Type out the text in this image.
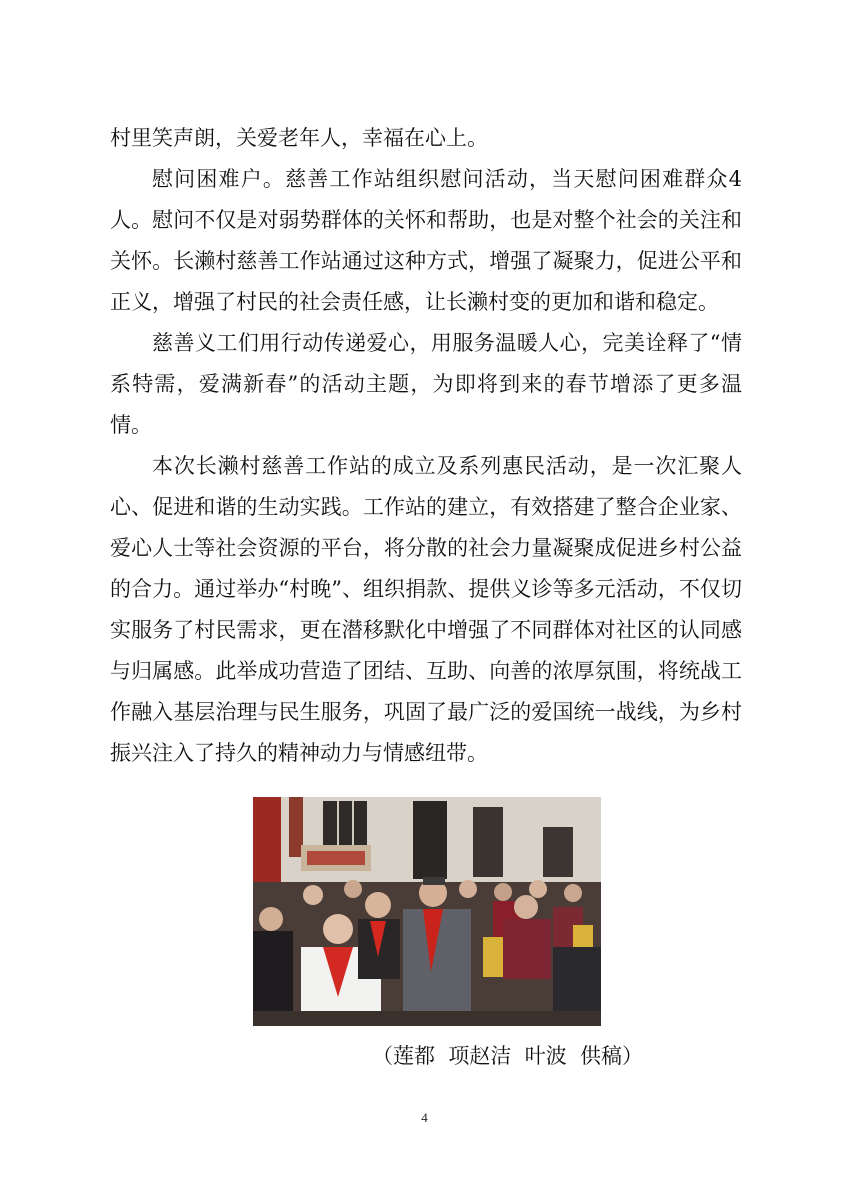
村里笑声朗，关爱老年人，幸福在心上。

慰问困难户。慈善工作站组织慰问活动，当天慰问困难群众4人。慰问不仅是对弱势群体的关怀和帮助，也是对整个社会的关注和关怀。长濑村慈善工作站通过这种方式，增强了凝聚力，促进公平和正义，增强了村民的社会责任感，让长濑村变的更加和谐和稳定。

慈善义工们用行动传递爱心，用服务温暖人心，完美诠释了“情系特需，爱满新春”的活动主题，为即将到来的春节增添了更多温情。

本次长濑村慈善工作站的成立及系列惠民活动，是一次汇聚人心、促进和谐的生动实践。工作站的建立，有效搭建了整合企业家、爱心人士等社会资源的平台，将分散的社会力量凝聚成促进乡村公益的合力。通过举办“村晚”、组织捐款、提供义诊等多元活动，不仅切实服务了村民需求，更在潜移默化中增强了不同群体对社区的认同感与归属感。此举成功营造了团结、互助、向善的浓厚氛围，将统战工作融入基层治理与民生服务，巩固了最广泛的爱国统一战线，为乡村振兴注入了持久的精神动力与情感纽带。

（莲都  项赵洁  叶波  供稿）
4
